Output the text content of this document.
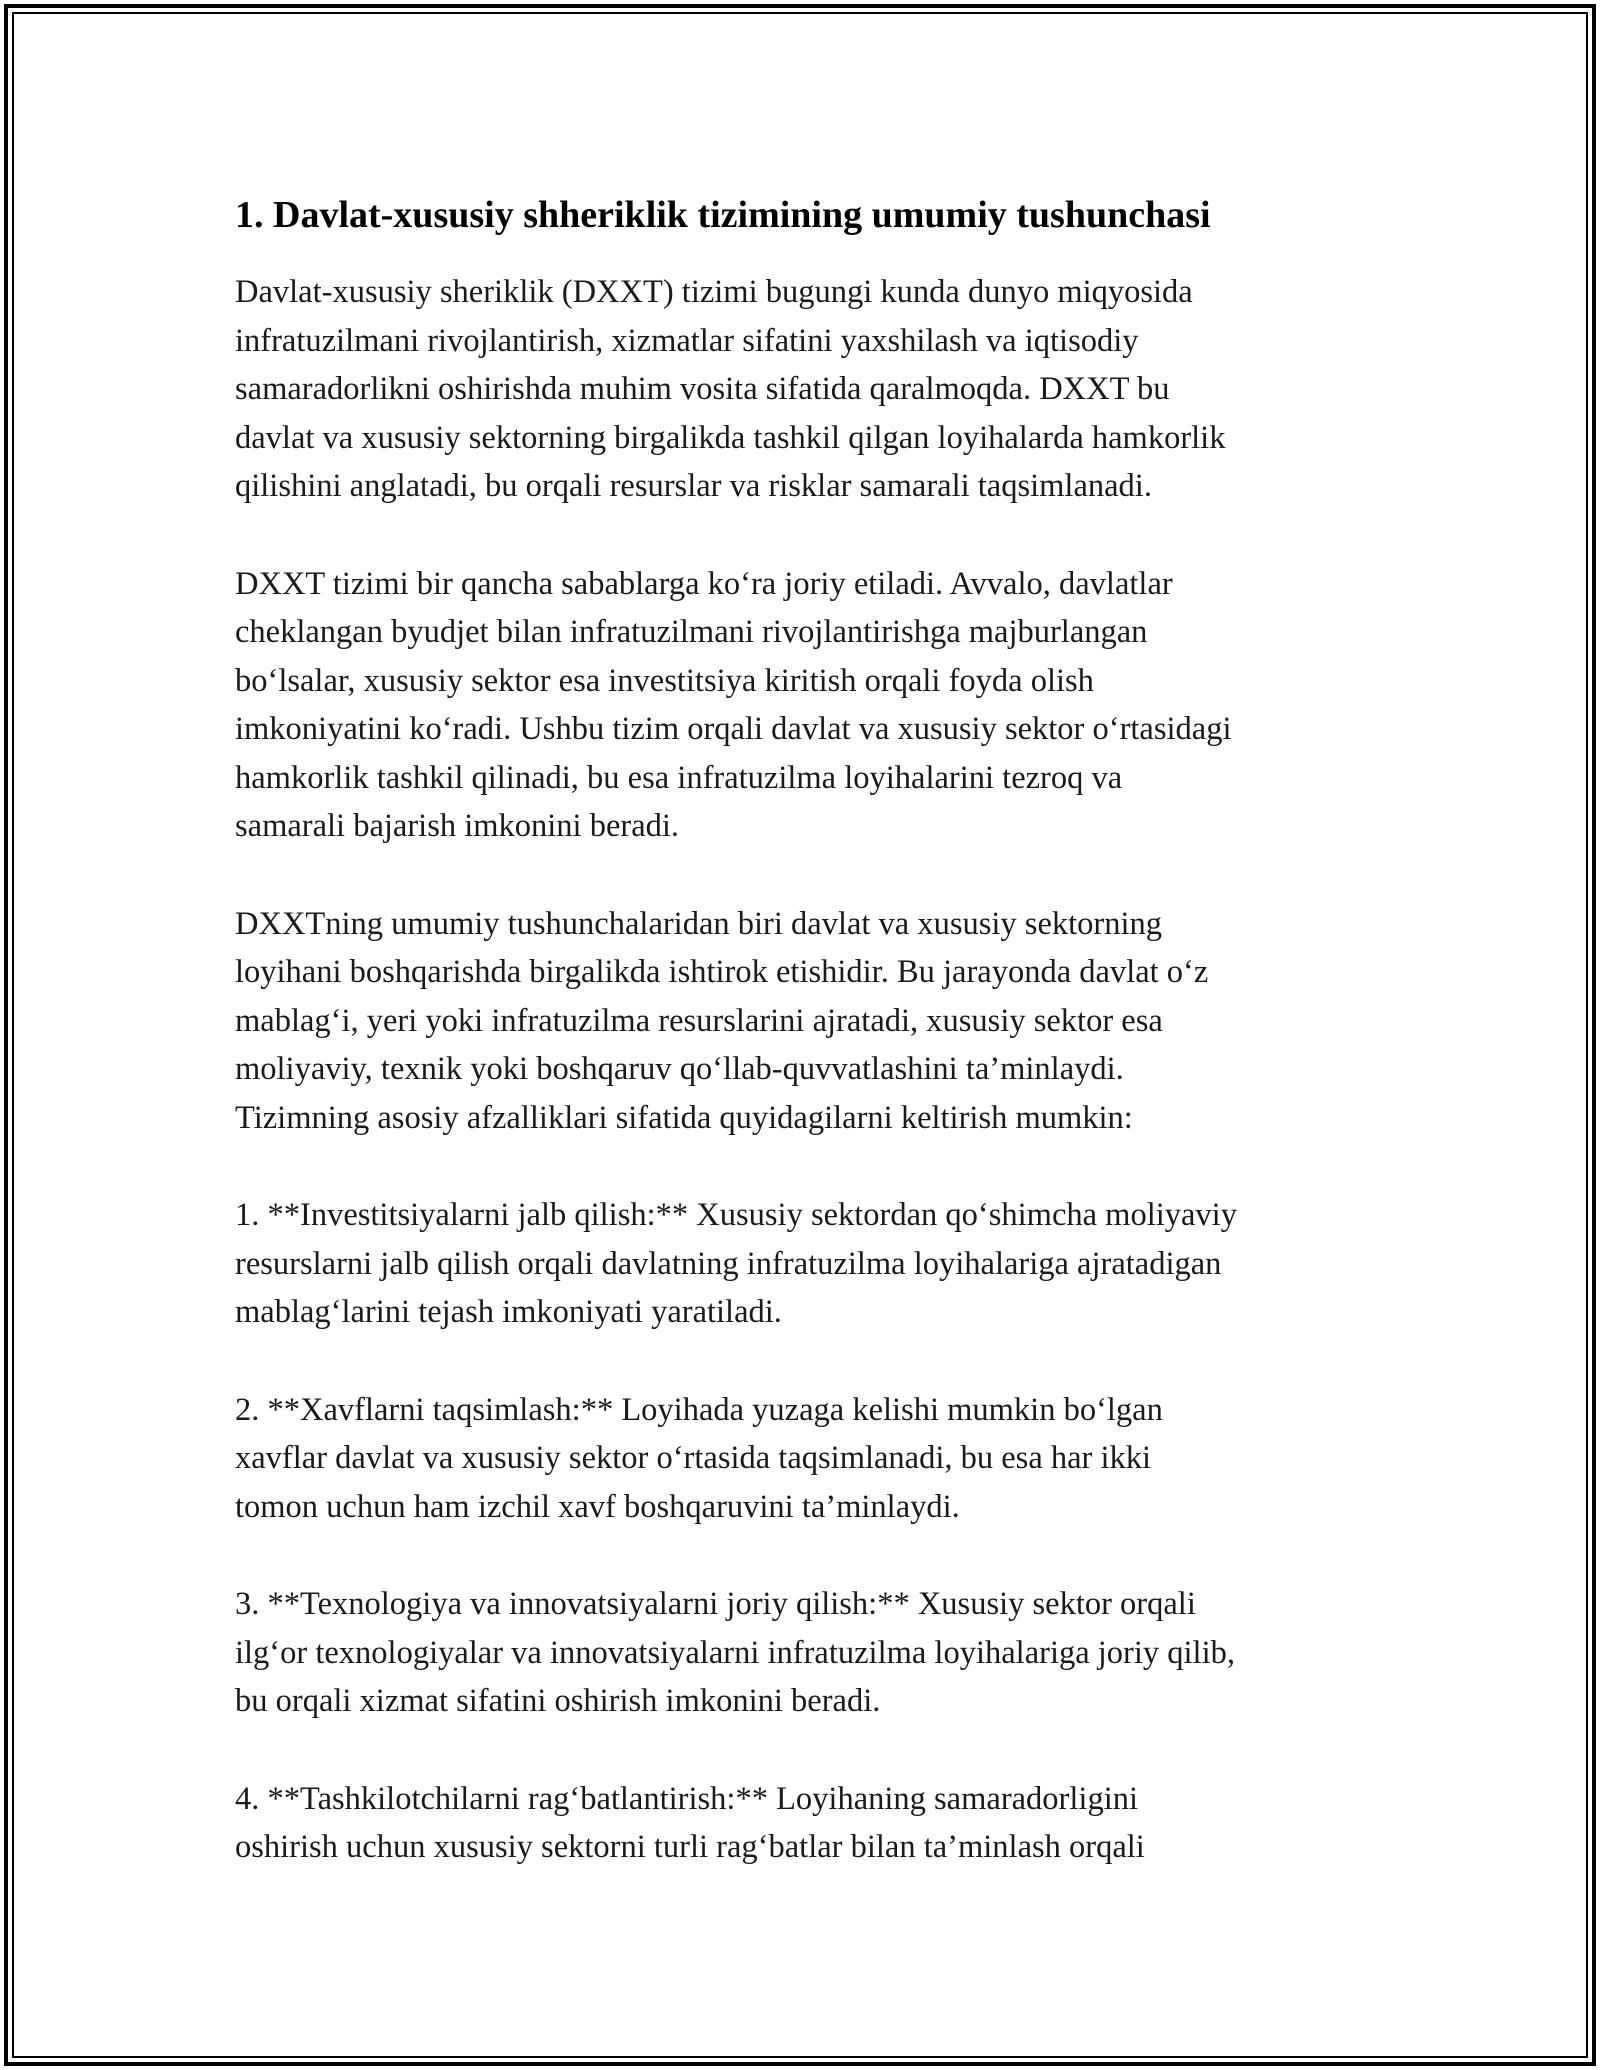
1. Davlat-xususiy shheriklik tizimining umumiy tushunchasi

Davlat-xususiy sheriklik (DXXT) tizimi bugungi kunda dunyo miqyosida
infratuzilmani rivojlantirish, xizmatlar sifatini yaxshilash va iqtisodiy
samaradorlikni oshirishda muhim vosita sifatida qaralmoqda. DXXT bu
davlat va xususiy sektorning birgalikda tashkil qilgan loyihalarda hamkorlik
qilishini anglatadi, bu orqali resurslar va risklar samarali taqsimlanadi.

DXXT tizimi bir qancha sabablarga ko‘ra joriy etiladi. Avvalo, davlatlar
cheklangan byudjet bilan infratuzilmani rivojlantirishga majburlangan
bo‘lsalar, xususiy sektor esa investitsiya kiritish orqali foyda olish
imkoniyatini ko‘radi. Ushbu tizim orqali davlat va xususiy sektor o‘rtasidagi
hamkorlik tashkil qilinadi, bu esa infratuzilma loyihalarini tezroq va
samarali bajarish imkonini beradi.

DXXTning umumiy tushunchalaridan biri davlat va xususiy sektorning
loyihani boshqarishda birgalikda ishtirok etishidir. Bu jarayonda davlat o‘z
mablag‘i, yeri yoki infratuzilma resurslarini ajratadi, xususiy sektor esa
moliyaviy, texnik yoki boshqaruv qo‘llab-quvvatlashini ta’minlaydi.
Tizimning asosiy afzalliklari sifatida quyidagilarni keltirish mumkin:

1. **Investitsiyalarni jalb qilish:** Xususiy sektordan qo‘shimcha moliyaviy
resurslarni jalb qilish orqali davlatning infratuzilma loyihalariga ajratadigan
mablag‘larini tejash imkoniyati yaratiladi.

2. **Xavflarni taqsimlash:** Loyihada yuzaga kelishi mumkin bo‘lgan
xavflar davlat va xususiy sektor o‘rtasida taqsimlanadi, bu esa har ikki
tomon uchun ham izchil xavf boshqaruvini ta’minlaydi.

3. **Texnologiya va innovatsiyalarni joriy qilish:** Xususiy sektor orqali
ilg‘or texnologiyalar va innovatsiyalarni infratuzilma loyihalariga joriy qilib,
bu orqali xizmat sifatini oshirish imkonini beradi.

4. **Tashkilotchilarni rag‘batlantirish:** Loyihaning samaradorligini
oshirish uchun xususiy sektorni turli rag‘batlar bilan ta’minlash orqali
